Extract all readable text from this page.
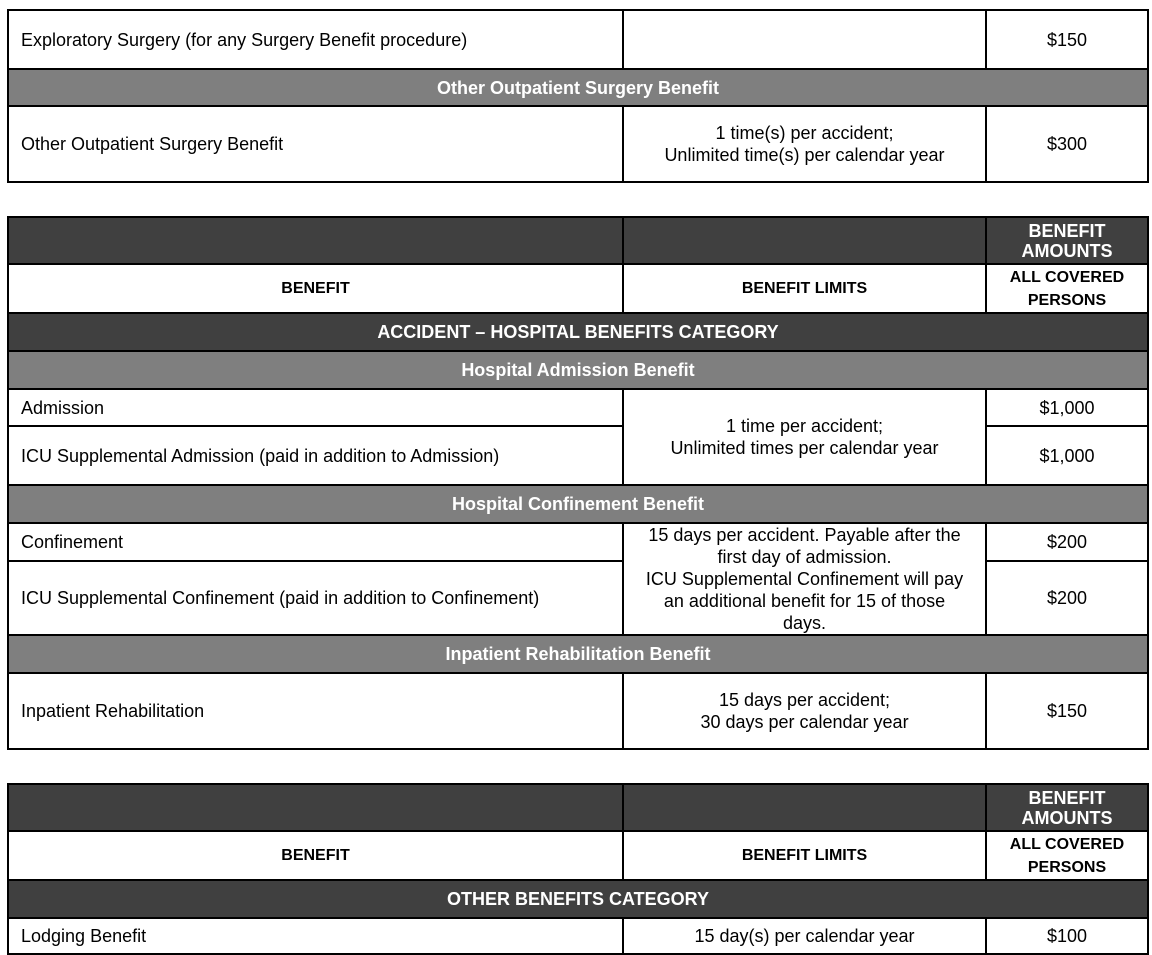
Exploratory Surgery (for any Surgery Benefit procedure)		$150
Other Outpatient Surgery Benefit		
Other Outpatient Surgery Benefit	1 time(s) per accident;
Unlimited time(s) per calendar year	$300

		BENEFIT
AMOUNTS

BENEFIT	BENEFIT LIMITS	ALL COVERED
PERSONS

ACCIDENT – HOSPITAL BENEFITS CATEGORY		
Hospital Admission Benefit		
Admission	1 time per accident;
Unlimited times per calendar year	$1,000
ICU Supplemental Admission (paid in addition to Admission)		$1,000
Hospital Confinement Benefit		
Confinement	15 days per accident. Payable after the
first day of admission.
ICU Supplemental Confinement will pay
an additional benefit for 15 of those
days.	$200
ICU Supplemental Confinement (paid in addition to Confinement)		$200
Inpatient Rehabilitation Benefit		
Inpatient Rehabilitation	15 days per accident;
30 days per calendar year	$150

		BENEFIT
AMOUNTS

BENEFIT	BENEFIT LIMITS	ALL COVERED
PERSONS

OTHER BENEFITS CATEGORY		
Lodging Benefit	15 day(s) per calendar year	$100
